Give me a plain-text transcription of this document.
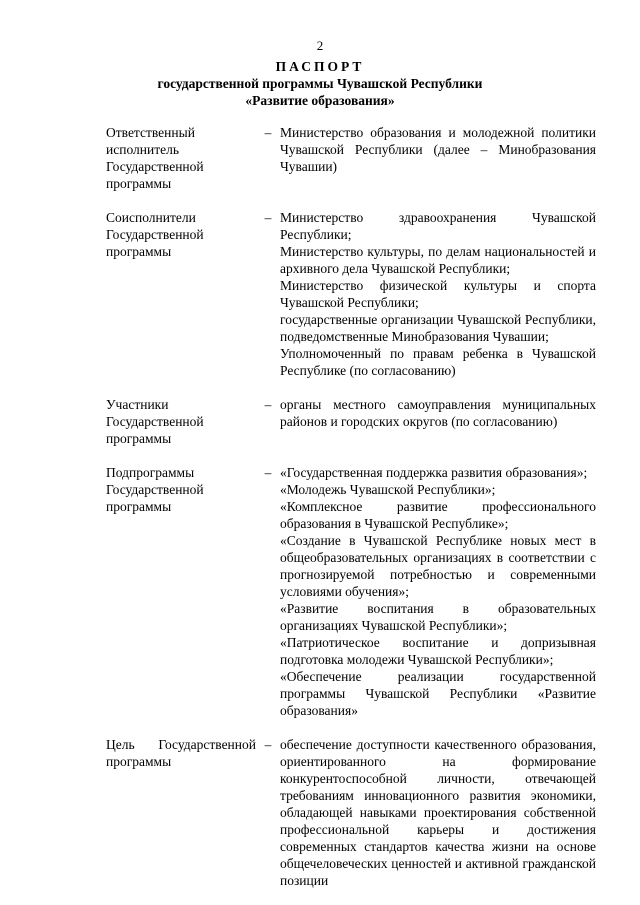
2
ПАСПОРТ
государственной программы Чувашской Республики
«Развитие образования»
Ответственный исполнитель Государственной программы
– Министерство образования и молодежной политики Чувашской Республики (далее – Минобразования Чувашии)

Соисполнители Государственной программы
– Министерство здравоохранения Чувашской Республики;

Министерство культуры, по делам национальностей и архивного дела Чувашской Республики;

Министерство физической культуры и спорта Чувашской Республики;

государственные организации Чувашской Республики, подведомственные Минобразования Чувашии;

Уполномоченный по правам ребенка в Чувашской Республике (по согласованию)

Участники Государственной программы
– органы местного самоуправления муниципальных районов и городских округов (по согласованию)

Подпрограммы Государственной программы
– «Государственная поддержка развития образования»;

«Молодежь Чувашской Республики»;

«Комплексное развитие профессионального образования в Чувашской Республике»;

«Создание в Чувашской Республике новых мест в общеобразовательных организациях в соответствии с прогнозируемой потребностью и современными условиями обучения»;

«Развитие воспитания в образовательных организациях Чувашской Республики»;

«Патриотическое воспитание и допризывная подготовка молодежи Чувашской Республики»;

«Обеспечение реализации государственной программы Чувашской Республики «Развитие образования»

Цель Государственной программы
– обеспечение доступности качественного образования, ориентированного на формирование конкурентоспособной личности, отвечающей требованиям инновационного развития экономики, обладающей навыками проектирования собственной профессиональной карьеры и достижения современных стандартов качества жизни на основе общечеловеческих ценностей и активной гражданской позиции
